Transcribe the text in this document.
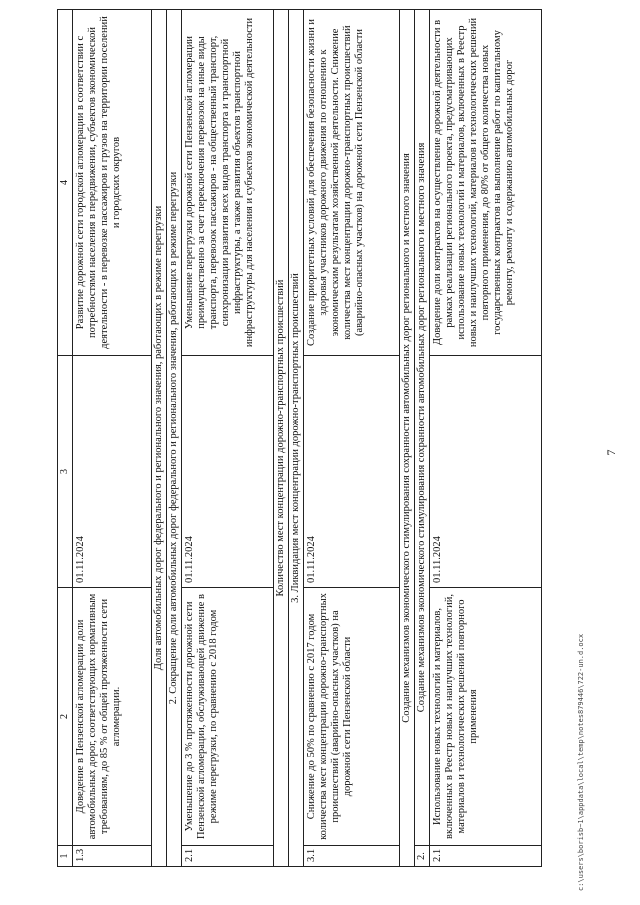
c:\users\borisb~1\appdata\local\temp\notes879446\722-un.d.ocx
7
1	2	3	4
1.3	Доведение в Пензенской агломерации доли автомобильных дорог, соответствующих нормативным требованиям, до 85 % от общей протяженности сети агломерации.	01.11.2024	Развитие дорожной сети городской агломерации в соответствии с потребностями населения в передвижении, субъектов экономической деятельности - в перевозке пассажиров и грузов на территории поселений и городских округов
Доля автомобильных дорог федерального и регионального значения, работающих в режиме перегрузки			
2. Сокращение доли автомобильных дорог федерального и регионального значения, работающих в режиме перегрузки			
2.1	Уменьшение до 3 % протяженности дорожной сети Пензенской агломерации, обслуживающей движение в режиме перегрузки, по сравнению с 2018 годом	01.11.2024	Уменьшение перегрузки дорожной сети Пензенской агломерации преимущественно за счет переключения перевозок на иные виды транспорта, перевозок пассажиров - на общественный транспорт, синхронизации развития всех видов транспорта и транспортной инфраструктуры, а также развития объектов транспортной инфраструктуры для населения и субъектов экономической деятельности
Количество мест концентрации дорожно-транспортных происшествий			
3. Ликвидация мест концентрации дорожно-транспортных происшествий			
3.1	Снижение до 50% по сравнению с 2017 годом количества мест концентрации дорожно-транспортных происшествий (аварийно-опасных участков) на дорожной сети Пензенской области	01.11.2024	Создание приоритетных условий для обеспечения безопасности жизни и здоровья участников дорожного движения по отношению к экономическим результатам хозяйственной деятельности. Снижение количества мест концентрации дорожно-транспортных происшествий (аварийно-опасных участков) на дорожной сети Пензенской области
Создание механизмов экономического стимулирования сохранности автомобильных дорог регионального и местного значения			
2.	Создание механизмов экономического стимулирования сохранности автомобильных дорог регионального и местного значения		
2.1	Использование новых технологий и материалов, включенных в Реестр новых и наилучших технологий, материалов и технологических решений повторного применения	01.11.2024	Доведение доли контрактов на осуществление дорожной деятельности в рамках реализации регионального проекта, предусматривающих использование новых технологий и материалов, включенных в Реестр новых и наилучших технологий, материалов и технологических решений повторного применения, до 80% от общего количества новых государственных контрактов на выполнение работ по капитальному ремонту, ремонту и содержанию автомобильных дорог
